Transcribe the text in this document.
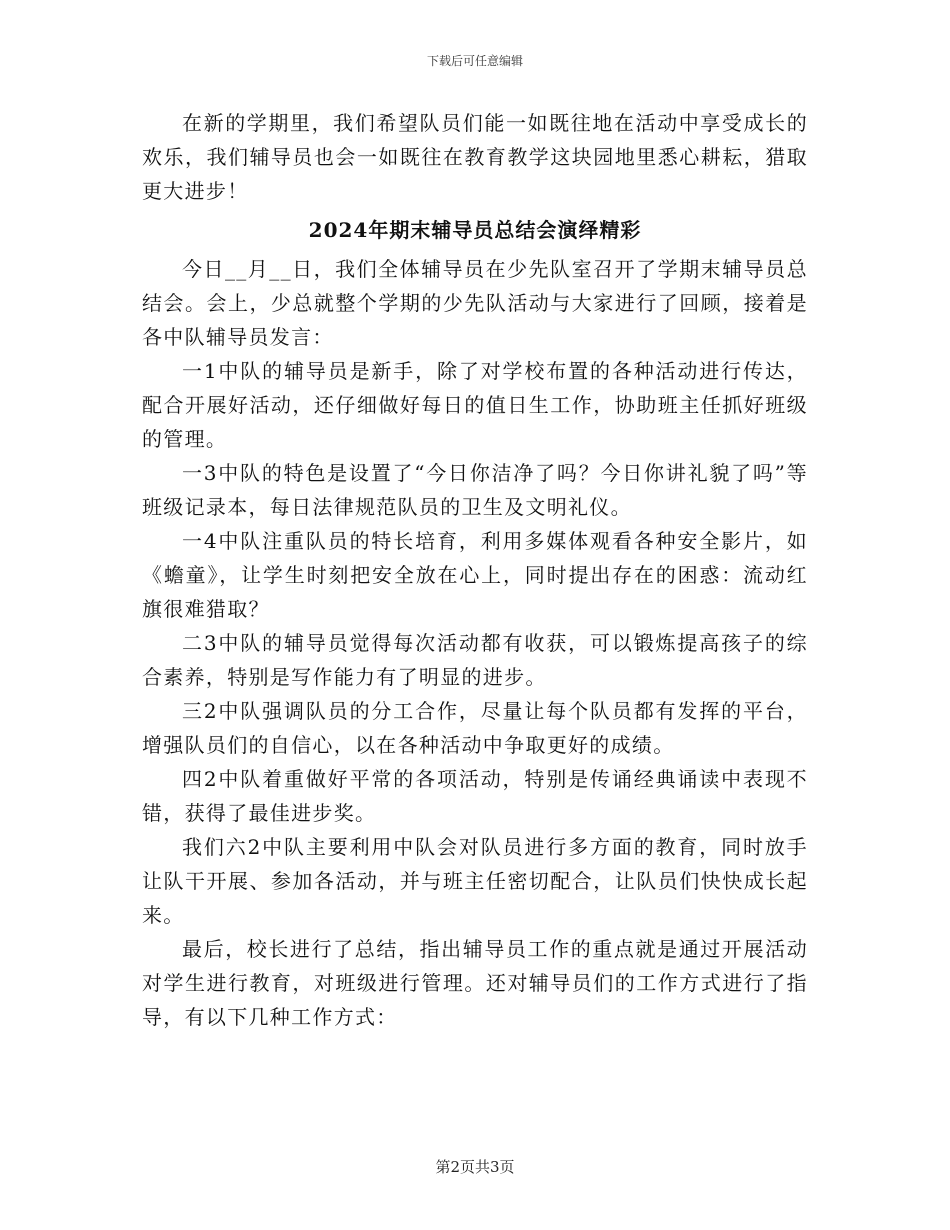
下载后可任意编辑

在新的学期里，我们希望队员们能一如既往地在活动中享受成长的欢乐，我们辅导员也会一如既往在教育教学这块园地里悉心耕耘，猎取更大进步！

2024年期末辅导员总结会演绎精彩

今日__月__日，我们全体辅导员在少先队室召开了学期末辅导员总结会。会上，少总就整个学期的少先队活动与大家进行了回顾，接着是各中队辅导员发言：

一1中队的辅导员是新手，除了对学校布置的各种活动进行传达，配合开展好活动，还仔细做好每日的值日生工作，协助班主任抓好班级的管理。

一3中队的特色是设置了“今日你洁净了吗？今日你讲礼貌了吗”等班级记录本，每日法律规范队员的卫生及文明礼仪。

一4中队注重队员的特长培育，利用多媒体观看各种安全影片，如《蟾童》，让学生时刻把安全放在心上，同时提出存在的困惑：流动红旗很难猎取？

二3中队的辅导员觉得每次活动都有收获，可以锻炼提高孩子的综合素养，特别是写作能力有了明显的进步。

三2中队强调队员的分工合作，尽量让每个队员都有发挥的平台，增强队员们的自信心，以在各种活动中争取更好的成绩。

四2中队着重做好平常的各项活动，特别是传诵经典诵读中表现不错，获得了最佳进步奖。

我们六2中队主要利用中队会对队员进行多方面的教育，同时放手让队干开展、参加各活动，并与班主任密切配合，让队员们快快成长起来。

最后，校长进行了总结，指出辅导员工作的重点就是通过开展活动对学生进行教育，对班级进行管理。还对辅导员们的工作方式进行了指导，有以下几种工作方式：

第2页共3页
